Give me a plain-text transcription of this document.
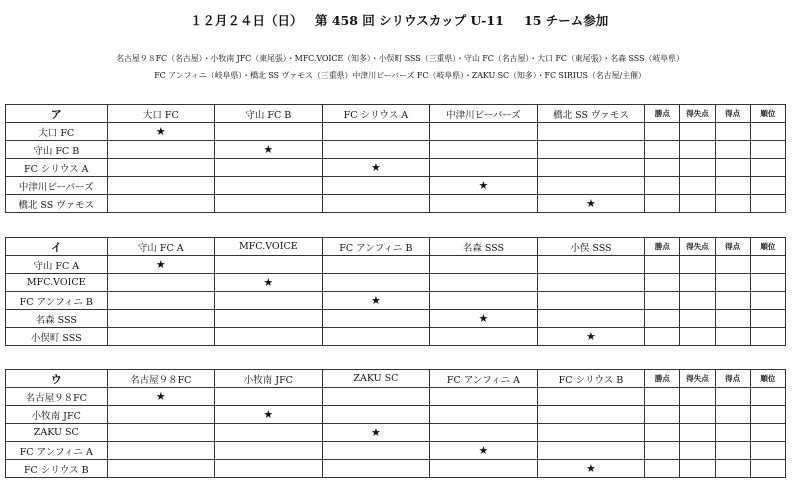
１２月２４日（日） 第 458 回 シリウスカップ U-11 15 チーム参加
名古屋９８FC（名古屋）・小牧南 JFC（東尾張）・MFC.VOICE（知多）・小俣町 SSS（三重県）・守山 FC（名古屋）・大口 FC（東尾張）・名森 SSS（岐阜県）
FC アンフィニ（岐阜県）・橋北 SS ヴァモス（三重県）中津川ビーバーズ FC（岐阜県）・ZAKU SC（知多）・FC SIRIUS（名古屋/主催）
ア	大口 FC	守山 FC B	FC シリウス A	中津川ビーバーズ	橋北 SS ヴァモス	勝点	得失点	得点	順位
大口 FC	★								
守山 FC B		★							
FC シリウス A			★						
中津川ビーバーズ				★					
橋北 SS ヴァモス					★				
イ	守山 FC A	MFC.VOICE	FC アンフィニ B	名森 SSS	小俣 SSS	勝点	得失点	得点	順位
守山 FC A	★								
MFC.VOICE		★							
FC アンフィニ B			★						
名森 SSS				★					
小俣町 SSS					★				
ウ	名古屋９８FC	小牧南 JFC	ZAKU SC	FC アンフィニ A	FC シリウス B	勝点	得失点	得点	順位
名古屋９８FC	★								
小牧南 JFC		★							
ZAKU SC			★						
FC アンフィニ A				★					
FC シリウス B					★				
